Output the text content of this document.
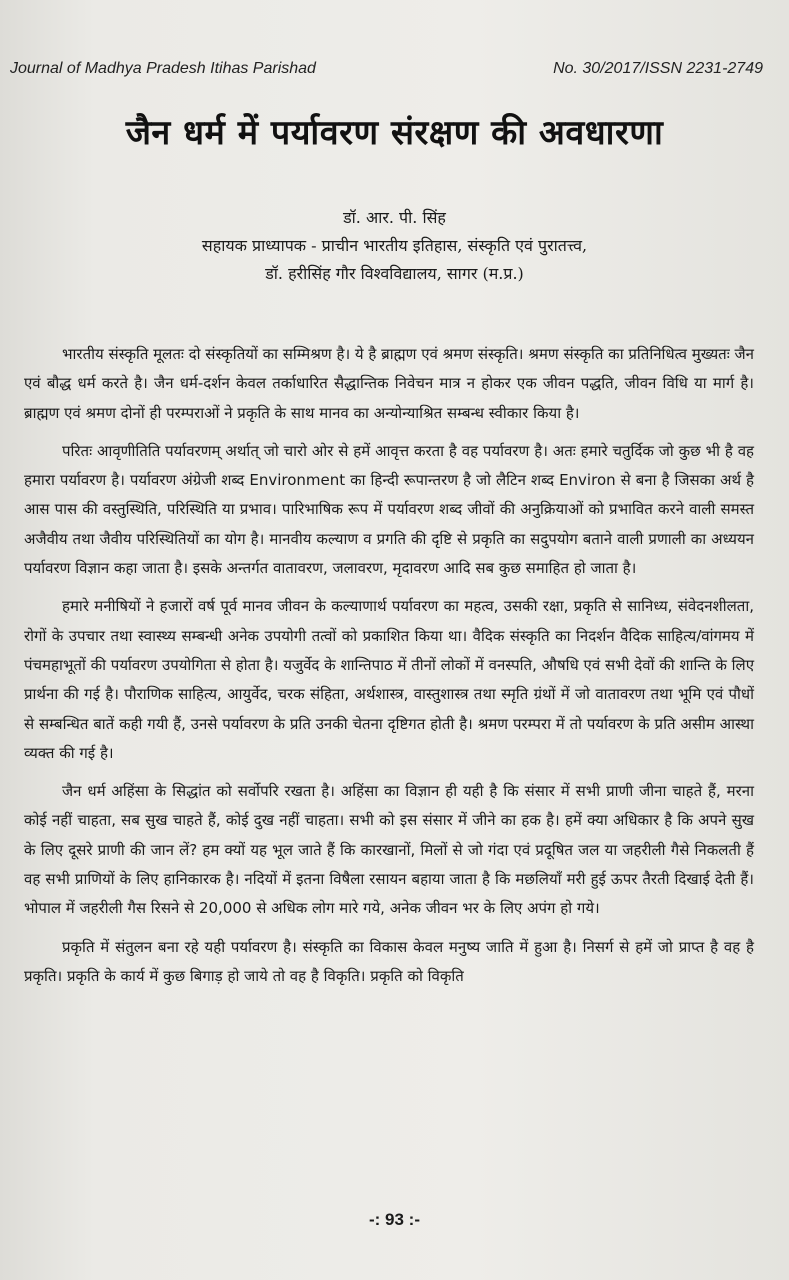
Journal of Madhya Pradesh Itihas Parishad	No. 30/2017/ISSN 2231-2749
जैन धर्म में पर्यावरण संरक्षण की अवधारणा
डॉ. आर. पी. सिंह
सहायक प्राध्यापक - प्राचीन भारतीय इतिहास, संस्कृति एवं पुरातत्त्व,
डॉ. हरीसिंह गौर विश्वविद्यालय, सागर (म.प्र.)

भारतीय संस्कृति मूलतः दो संस्कृतियों का सम्मिश्रण है। ये है ब्राह्मण एवं श्रमण संस्कृति। श्रमण संस्कृति का प्रतिनिधित्व मुख्यतः जैन एवं बौद्ध धर्म करते है। जैन धर्म-दर्शन केवल तर्काधारित सैद्धान्तिक निवेचन मात्र न होकर एक जीवन पद्धति, जीवन विधि या मार्ग है। ब्राह्मण एवं श्रमण दोनों ही परम्पराओं ने प्रकृति के साथ मानव का अन्योन्याश्रित सम्बन्ध स्वीकार किया है।

परितः आवृणीतिति पर्यावरणम् अर्थात् जो चारो ओर से हमें आवृत्त करता है वह पर्यावरण है। अतः हमारे चतुर्दिक जो कुछ भी है वह हमारा पर्यावरण है। पर्यावरण अंग्रेजी शब्द Environment का हिन्दी रूपान्तरण है जो लैटिन शब्द Environ से बना है जिसका अर्थ है आस पास की वस्तुस्थिति, परिस्थिति या प्रभाव। पारिभाषिक रूप में पर्यावरण शब्द जीवों की अनुक्रियाओं को प्रभावित करने वाली समस्त अजैवीय तथा जैवीय परिस्थितियों का योग है। मानवीय कल्याण व प्रगति की दृष्टि से प्रकृति का सदुपयोग बताने वाली प्रणाली का अध्ययन पर्यावरण विज्ञान कहा जाता है। इसके अन्तर्गत वातावरण, जलावरण, मृदावरण आदि सब कुछ समाहित हो जाता है।

हमारे मनीषियों ने हजारों वर्ष पूर्व मानव जीवन के कल्याणार्थ पर्यावरण का महत्व, उसकी रक्षा, प्रकृति से सानिध्य, संवेदनशीलता, रोगों के उपचार तथा स्वास्थ्य सम्बन्धी अनेक उपयोगी तत्वों को प्रकाशित किया था। वैदिक संस्कृति का निदर्शन वैदिक साहित्य/वांगमय में पंचमहाभूतों की पर्यावरण उपयोगिता से होता है। यजुर्वेद के शान्तिपाठ में तीनों लोकों में वनस्पति, औषधि एवं सभी देवों की शान्ति के लिए प्रार्थना की गई है। पौराणिक साहित्य, आयुर्वेद, चरक संहिता, अर्थशास्त्र, वास्तुशास्त्र तथा स्मृति ग्रंथों में जो वातावरण तथा भूमि एवं पौधों से सम्बन्धित बातें कही गयी हैं, उनसे पर्यावरण के प्रति उनकी चेतना दृष्टिगत होती है। श्रमण परम्परा में तो पर्यावरण के प्रति असीम आस्था व्यक्त की गई है।

जैन धर्म अहिंसा के सिद्धांत को सर्वोपरि रखता है। अहिंसा का विज्ञान ही यही है कि संसार में सभी प्राणी जीना चाहते हैं, मरना कोई नहीं चाहता, सब सुख चाहते हैं, कोई दुख नहीं चाहता। सभी को इस संसार में जीने का हक है। हमें क्या अधिकार है कि अपने सुख के लिए दूसरे प्राणी की जान लें? हम क्यों यह भूल जाते हैं कि कारखानों, मिलों से जो गंदा एवं प्रदूषित जल या जहरीली गैसे निकलती हैं वह सभी प्राणियों के लिए हानिकारक है। नदियों में इतना विषैला रसायन बहाया जाता है कि मछलियाँ मरी हुई ऊपर तैरती दिखाई देती हैं। भोपाल में जहरीली गैस रिसने से 20,000 से अधिक लोग मारे गये, अनेक जीवन भर के लिए अपंग हो गये।

प्रकृति में संतुलन बना रहे यही पर्यावरण है। संस्कृति का विकास केवल मनुष्य जाति में हुआ है। निसर्ग से हमें जो प्राप्त है वह है प्रकृति। प्रकृति के कार्य में कुछ बिगाड़ हो जाये तो वह है विकृति। प्रकृति को विकृति

-: 93 :-
